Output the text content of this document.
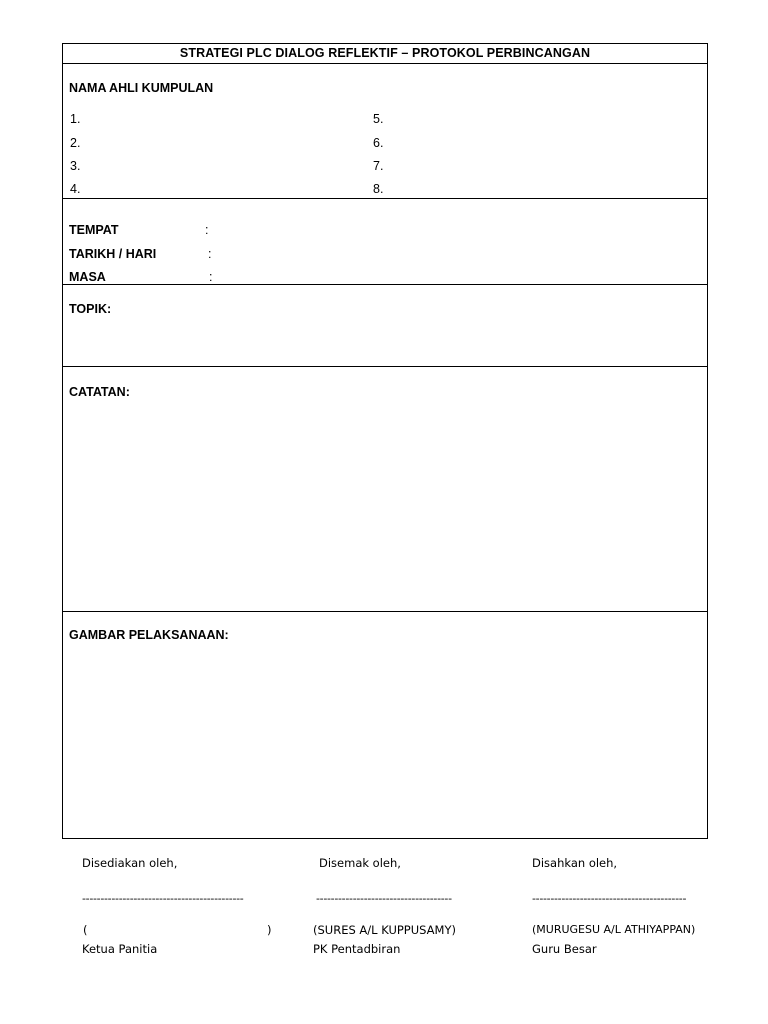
STRATEGI PLC DIALOG REFLEKTIF – PROTOKOL PERBINCANGAN
NAMA AHLI KUMPULAN
1.
2.
3.
4.
5.
6.
7.
8.
TEMPAT	:
TARIKH / HARI	:
MASA	:
TOPIK:
CATATAN:
GAMBAR PELAKSANAAN:
Disediakan oleh,
--------------------------------------------
(	)
Ketua Panitia
Disemak oleh,
-------------------------------------
(SURES A/L KUPPUSAMY)
PK Pentadbiran
Disahkan oleh,
------------------------------------------
(MURUGESU A/L ATHIYAPPAN)
Guru Besar
